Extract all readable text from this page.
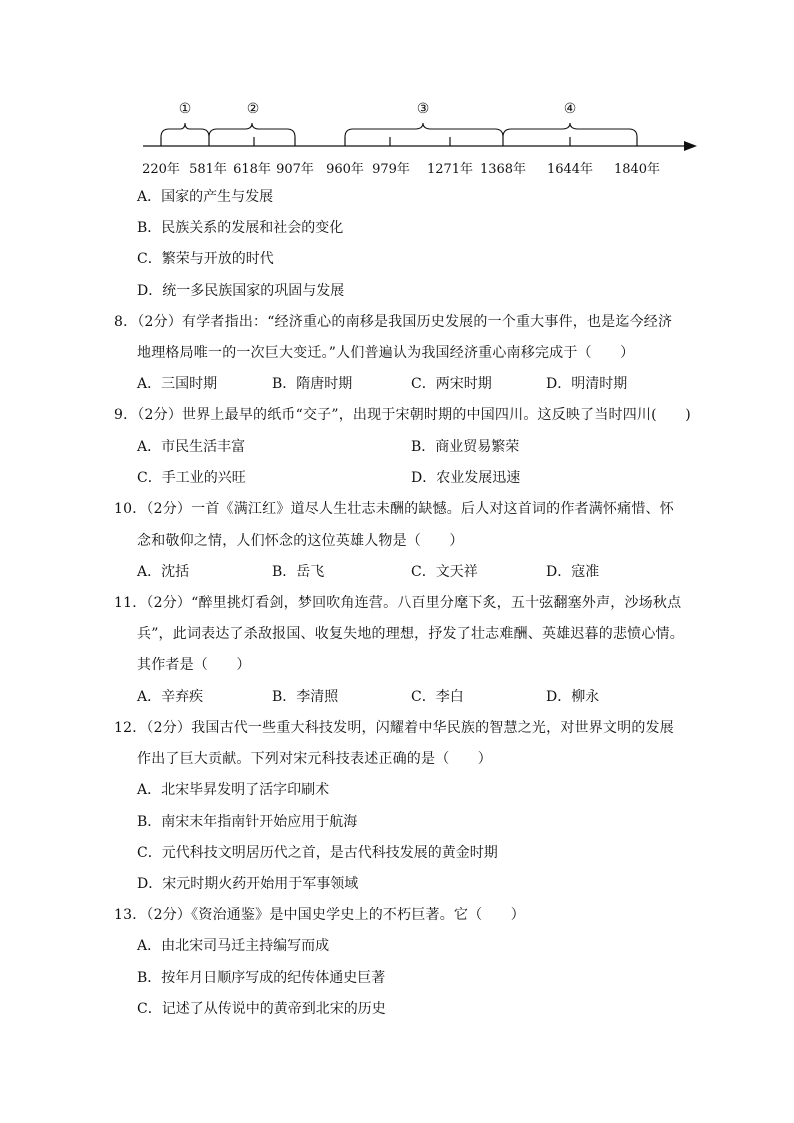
①	②	③	④
220年 581年 618年 907年 960年 979年 1271年 1368年 1644年 1840年
A．国家的产生与发展
B．民族关系的发展和社会的变化
C．繁荣与开放的时代
D．统一多民族国家的巩固与发展
8．（2分）有学者指出：“经济重心的南移是我国历史发展的一个重大事件，也是迄今经济
地理格局唯一的一次巨大变迁。”人们普遍认为我国经济重心南移完成于（　　）
A．三国时期	B．隋唐时期	C．两宋时期	D．明清时期
9．（2分）世界上最早的纸币“交子”，出现于宋朝时期的中国四川。这反映了当时四川(　　)
A．市民生活丰富	B．商业贸易繁荣
C．手工业的兴旺	D．农业发展迅速
10．（2分）一首《满江红》道尽人生壮志未酬的缺憾。后人对这首词的作者满怀痛惜、怀
念和敬仰之情，人们怀念的这位英雄人物是（　　）
A．沈括	B．岳飞	C．文天祥	D．寇准
11．（2分）“醉里挑灯看剑，梦回吹角连营。八百里分麾下炙，五十弦翻塞外声，沙场秋点
兵”，此词表达了杀敌报国、收复失地的理想，抒发了壮志难酬、英雄迟暮的悲愤心情。
其作者是（　　）
A．辛弃疾	B．李清照	C．李白	D．柳永
12．（2分）我国古代一些重大科技发明，闪耀着中华民族的智慧之光，对世界文明的发展
作出了巨大贡献。下列对宋元科技表述正确的是（　　）
A．北宋毕昇发明了活字印刷术
B．南宋末年指南针开始应用于航海
C．元代科技文明居历代之首，是古代科技发展的黄金时期
D．宋元时期火药开始用于军事领域
13．（2分）《资治通鉴》是中国史学史上的不朽巨著。它（　　）
A．由北宋司马迁主持编写而成
B．按年月日顺序写成的纪传体通史巨著
C．记述了从传说中的黄帝到北宋的历史
